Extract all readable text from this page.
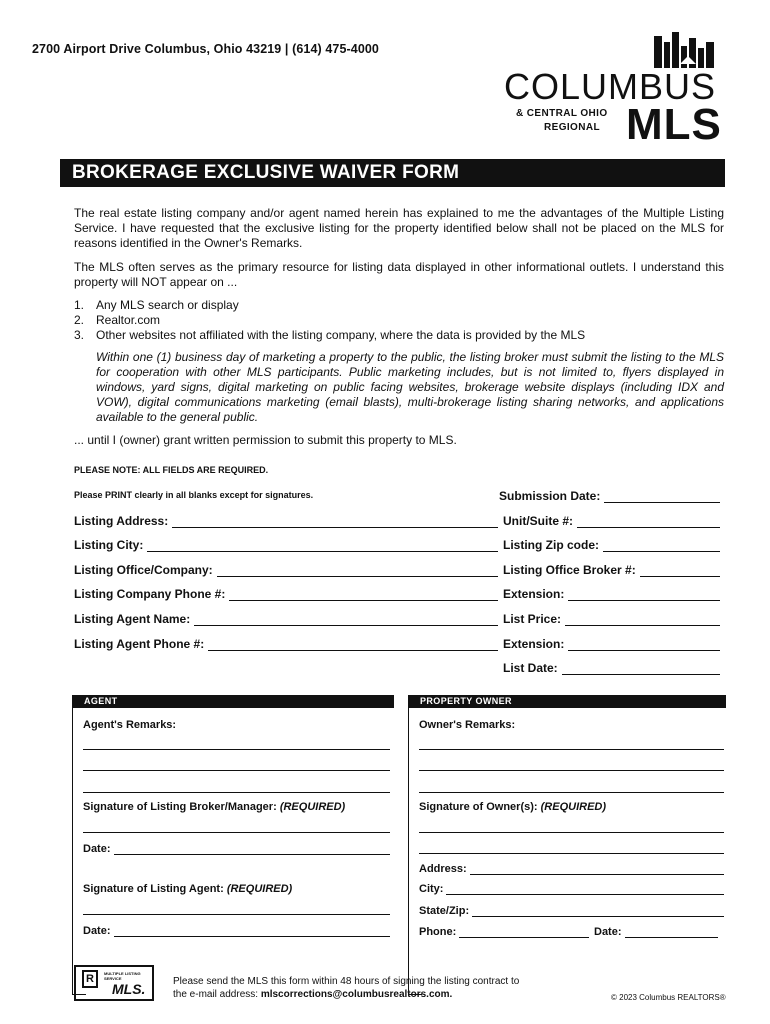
2700 Airport Drive Columbus, Ohio 43219 | (614) 475-4000
COLUMBUS
& CENTRAL OHIO
REGIONAL MLS
BROKERAGE EXCLUSIVE WAIVER FORM
The real estate listing company and/or agent named herein has explained to me the advantages of the Multiple Listing Service. I have requested that the exclusive listing for the property identified below shall not be placed on the MLS for reasons identified in the Owner's Remarks.
The MLS often serves as the primary resource for listing data displayed in other informational outlets. I understand this property will NOT appear on ...
1. Any MLS search or display
2. Realtor.com
3. Other websites not affiliated with the listing company, where the data is provided by the MLS
Within one (1) business day of marketing a property to the public, the listing broker must submit the listing to the MLS for cooperation with other MLS participants. Public marketing includes, but is not limited to, flyers displayed in windows, yard signs, digital marketing on public facing websites, brokerage website displays (including IDX and VOW), digital communications marketing (email blasts), multi-brokerage listing sharing networks, and applications available to the general public.
... until I (owner) grant written permission to submit this property to MLS.
PLEASE NOTE: ALL FIELDS ARE REQUIRED.
Please PRINT clearly in all blanks except for signatures.	Submission Date:
Listing Address:	Unit/Suite #:
Listing City:	Listing Zip code:
Listing Office/Company:	Listing Office Broker #:
Listing Company Phone #:	Extension:
Listing Agent Name:	List Price:
Listing Agent Phone #:	Extension:
List Date:
AGENT
Agent's Remarks:
Signature of Listing Broker/Manager: (REQUIRED)
Date:
Signature of Listing Agent: (REQUIRED)
Date:
PROPERTY OWNER
Owner's Remarks:
Signature of Owner(s): (REQUIRED)
Address:
City:
State/Zip:
Phone:	Date:
R	MULTIPLE LISTING SERVICE
MLS.	Please send the MLS this form within 48 hours of signing the listing contract to
the e-mail address: mlscorrections@columbusrealtors.com.	© 2023 Columbus REALTORS®
